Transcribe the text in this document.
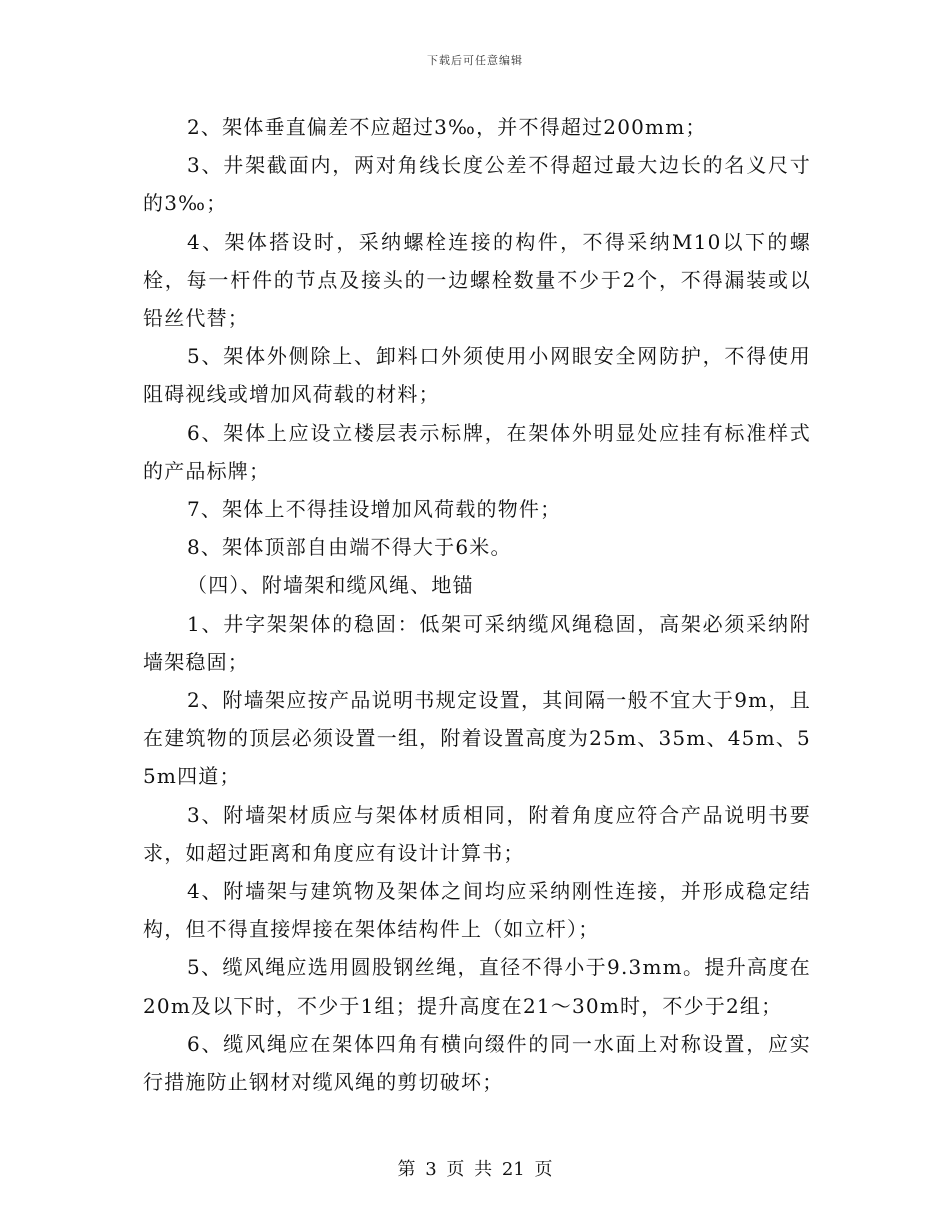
下载后可任意编辑

2、架体垂直偏差不应超过3‰，并不得超过200mm；

3、井架截面内，两对角线长度公差不得超过最大边长的名义尺寸的3‰；

4、架体搭设时，采纳螺栓连接的构件，不得采纳M10以下的螺栓，每一杆件的节点及接头的一边螺栓数量不少于2个，不得漏装或以铅丝代替；

5、架体外侧除上、卸料口外须使用小网眼安全网防护，不得使用阻碍视线或增加风荷载的材料；

6、架体上应设立楼层表示标牌，在架体外明显处应挂有标准样式的产品标牌；

7、架体上不得挂设增加风荷载的物件；

8、架体顶部自由端不得大于6米。

（四）、附墙架和缆风绳、地锚

1、井字架架体的稳固：低架可采纳缆风绳稳固，高架必须采纳附墙架稳固；

2、附墙架应按产品说明书规定设置，其间隔一般不宜大于9m，且在建筑物的顶层必须设置一组，附着设置高度为25m、35m、45m、55m四道；

3、附墙架材质应与架体材质相同，附着角度应符合产品说明书要求，如超过距离和角度应有设计计算书；

4、附墙架与建筑物及架体之间均应采纳刚性连接，并形成稳定结构，但不得直接焊接在架体结构件上（如立杆）；

5、缆风绳应选用圆股钢丝绳，直径不得小于9.3mm。提升高度在20m及以下时，不少于1组；提升高度在21～30m时，不少于2组；

6、缆风绳应在架体四角有横向缀件的同一水面上对称设置，应实行措施防止钢材对缆风绳的剪切破坏；

第 3 页 共 21 页
